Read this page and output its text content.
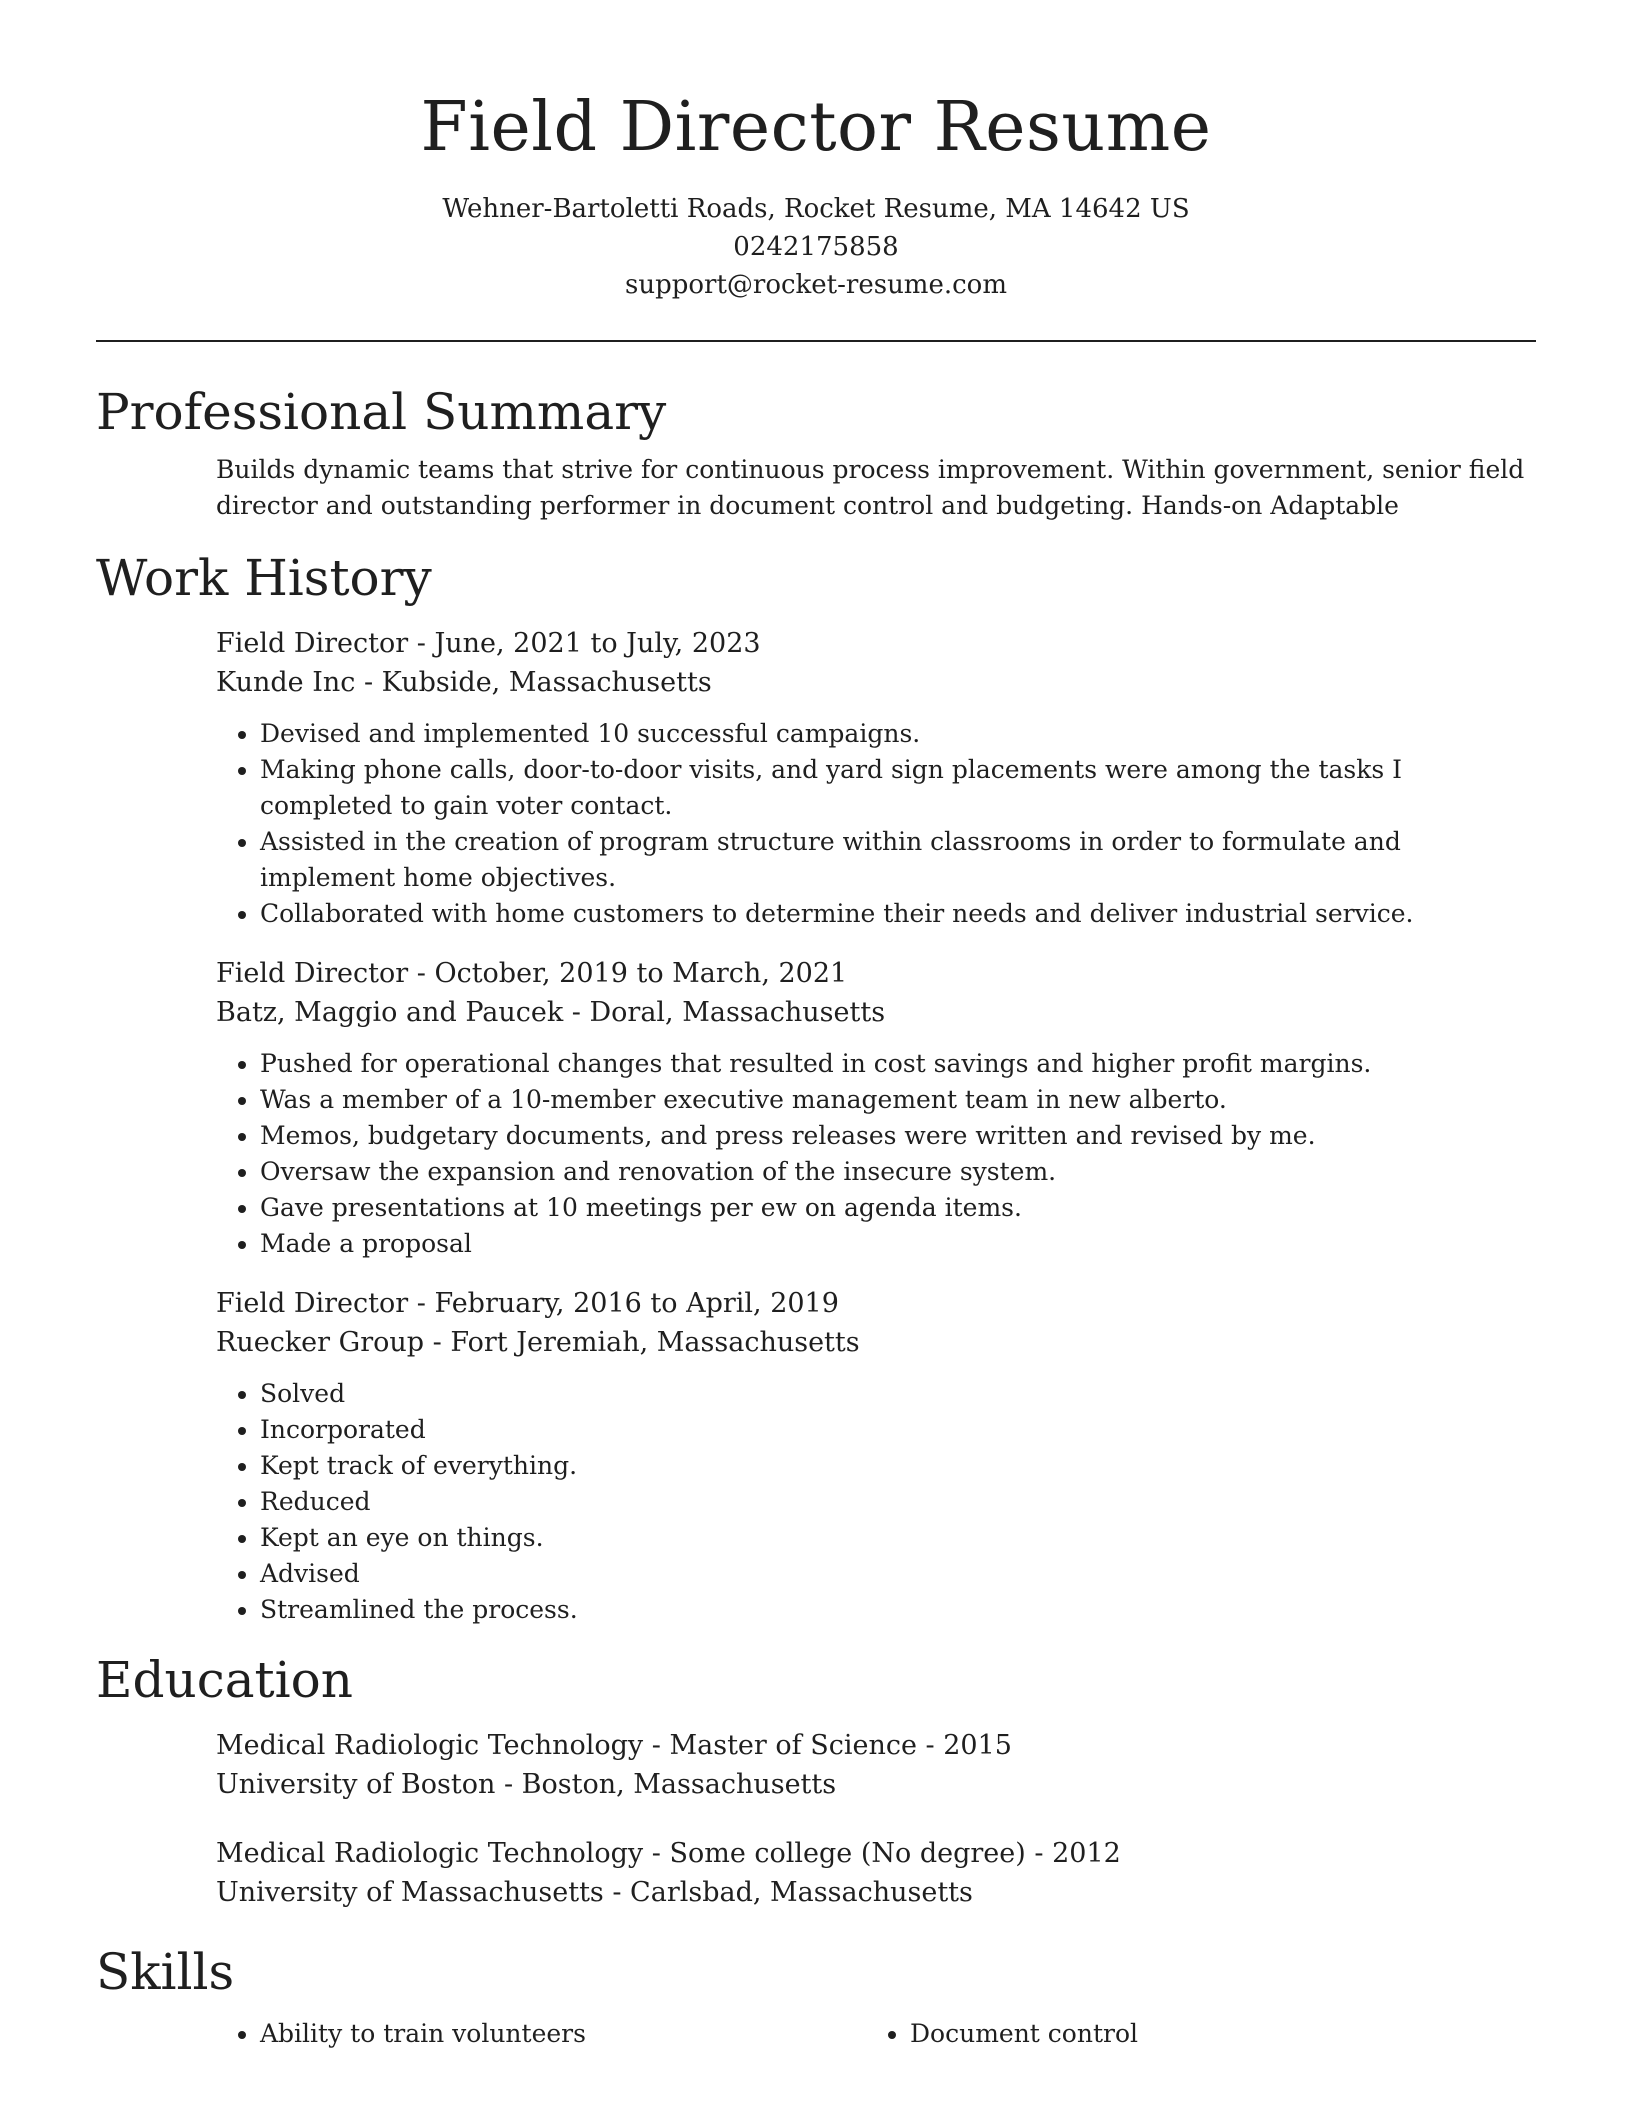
Field Director Resume
Wehner-Bartoletti Roads, Rocket Resume, MA 14642 US
0242175858
support@rocket-resume.com
Professional Summary

Builds dynamic teams that strive for continuous process improvement. Within government, senior field director and outstanding performer in document control and budgeting. Hands-on Adaptable

Work History
Field Director - June, 2021 to July, 2023
Kunde Inc - Kubside, Massachusetts
• Devised and implemented 10 successful campaigns.
• Making phone calls, door-to-door visits, and yard sign placements were among the tasks I completed to gain voter contact.
• Assisted in the creation of program structure within classrooms in order to formulate and implement home objectives.
• Collaborated with home customers to determine their needs and deliver industrial service.
Field Director - October, 2019 to March, 2021
Batz, Maggio and Paucek - Doral, Massachusetts
• Pushed for operational changes that resulted in cost savings and higher profit margins.
• Was a member of a 10-member executive management team in new alberto.
• Memos, budgetary documents, and press releases were written and revised by me.
• Oversaw the expansion and renovation of the insecure system.
• Gave presentations at 10 meetings per ew on agenda items.
• Made a proposal
Field Director - February, 2016 to April, 2019
Ruecker Group - Fort Jeremiah, Massachusetts
• Solved
• Incorporated
• Kept track of everything.
• Reduced
• Kept an eye on things.
• Advised
• Streamlined the process.
Education
Medical Radiologic Technology - Master of Science - 2015
University of Boston - Boston, Massachusetts
Medical Radiologic Technology - Some college (No degree) - 2012
University of Massachusetts - Carlsbad, Massachusetts
Skills
• Ability to train volunteers
•	Document control
